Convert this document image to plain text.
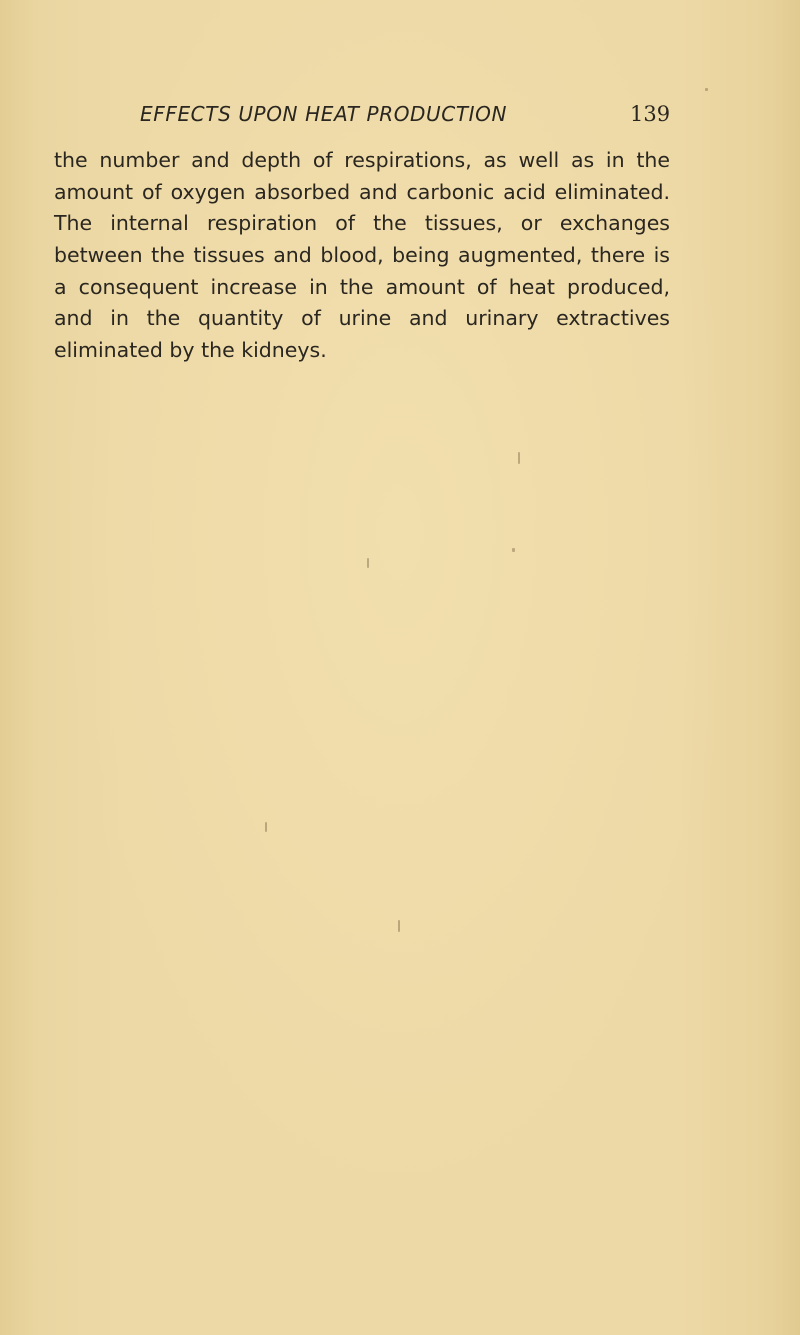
EFFECTS UPON HEAT PRODUCTION	139
the number and depth of respirations, as well as in the
amount of oxygen absorbed and carbonic acid eliminated.
The internal respiration of the tissues, or exchanges
between the tissues and blood, being augmented, there is
a consequent increase in the amount of heat produced,
and in the quantity of urine and urinary extractives
eliminated by the kidneys.
